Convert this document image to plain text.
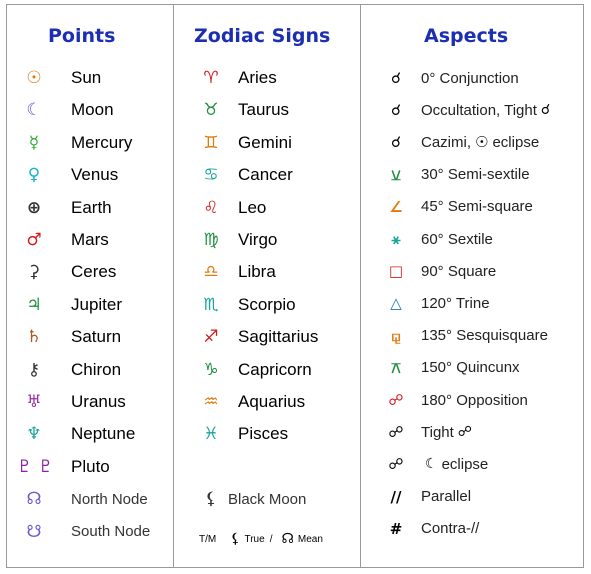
Points	Zodiac Signs	Aspects
☉	Sun
☾	Moon
☿	Mercury
♀	Venus
⊕	Earth
♂	Mars
⚳	Ceres
♃	Jupiter
♄	Saturn
⚷	Chiron
♅	Uranus
♆	Neptune
♇ ♇ Pluto
☊	North Node
☋	South Node
♈	Aries
♉	Taurus
♊	Gemini
♋	Cancer
♌	Leo
♍	Virgo
♎	Libra
♏	Scorpio
♐	Sagittarius
♑	Capricorn
♒	Aquarius
♓	Pisces
☌	0° Conjunction
☌	Occultation, Tight ☌
☌	Cazimi, ☉ eclipse
⚺	30° Semi-sextile
∠	45° Semi-square
⚹	60° Sextile
□	90° Square
△	120° Trine
⚼	135° Sesquisquare
⚻	150° Quincunx
☍	180° Opposition
☍	Tight ☍
☍	☾ eclipse
//	Parallel
#	Contra-//
⚸ Black Moon
T/M ⚸ True / ☊ Mean
